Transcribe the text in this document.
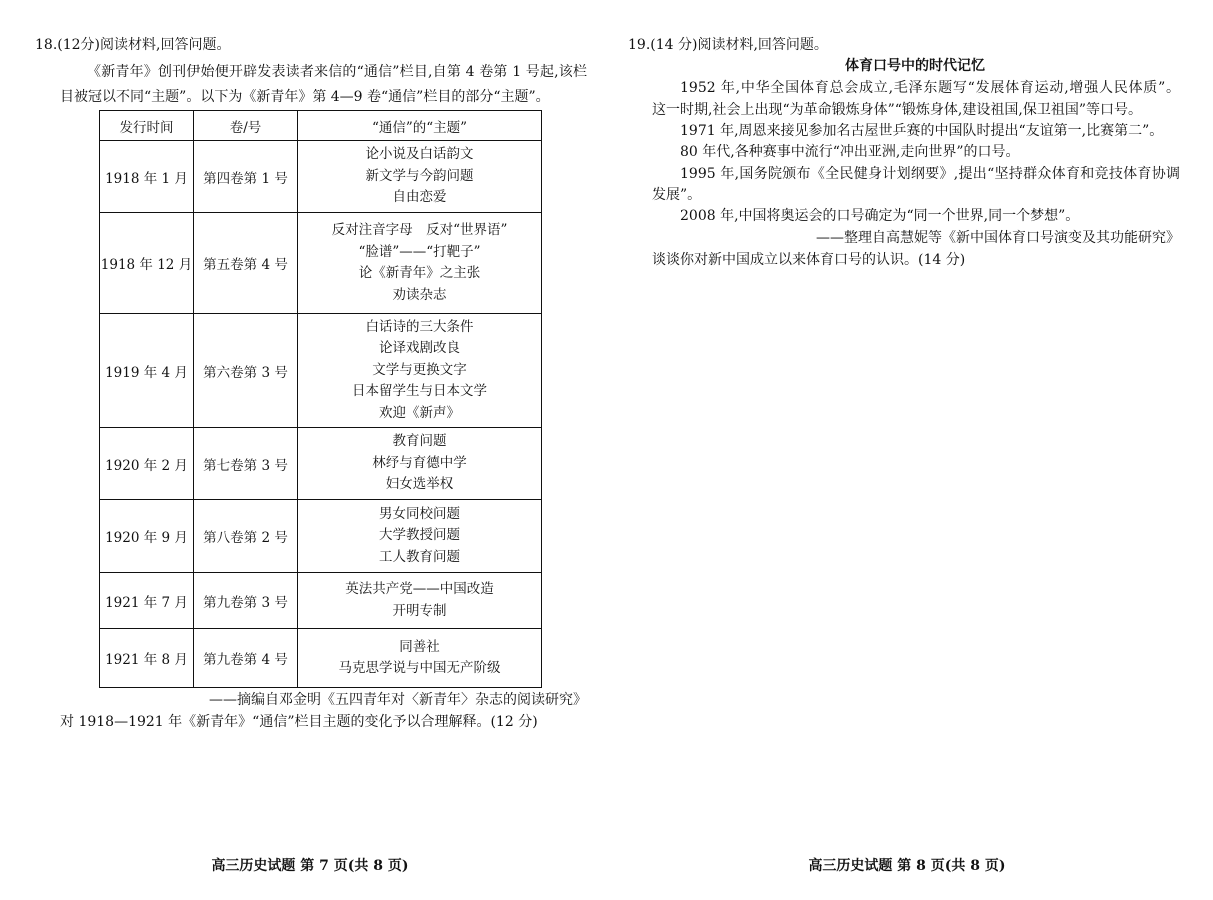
18.(12分)阅读材料,回答问题。
《新青年》创刊伊始便开辟发表读者来信的“通信”栏目,自第 4 卷第 1 号起,该栏
目被冠以不同“主题”。以下为《新青年》第 4—9 卷“通信”栏目的部分“主题”。
发行时间	卷/号	“通信”的“主题”
1918 年 1 月	第四卷第 1 号	论小说及白话韵文
新文学与今韵问题
自由恋爱

1918 年 12 月	第五卷第 4 号	反对注音字母　反对“世界语”
“脸谱”——“打靶子”
论《新青年》之主张
劝读杂志

1919 年 4 月	第六卷第 3 号	白话诗的三大条件
论译戏剧改良
文学与更换文字
日本留学生与日本文学
欢迎《新声》

1920 年 2 月	第七卷第 3 号	教育问题
林纾与育德中学
妇女选举权

1920 年 9 月	第八卷第 2 号	男女同校问题
大学教授问题
工人教育问题

1921 年 7 月	第九卷第 3 号	英法共产党——中国改造
开明专制

1921 年 8 月	第九卷第 4 号	同善社
马克思学说与中国无产阶级
——摘编自邓金明《五四青年对〈新青年〉杂志的阅读研究》
对 1918—1921 年《新青年》“通信”栏目主题的变化予以合理解释。(12 分)
高三历史试题 第 7 页(共 8 页)
19.(14 分)阅读材料,回答问题。
体育口号中的时代记忆
1952 年,中华全国体育总会成立,毛泽东题写“发展体育运动,增强人民体质”。
这一时期,社会上出现“为革命锻炼身体”“锻炼身体,建设祖国,保卫祖国”等口号。
1971 年,周恩来接见参加名古屋世乒赛的中国队时提出“友谊第一,比赛第二”。
80 年代,各种赛事中流行“冲出亚洲,走向世界”的口号。
1995 年,国务院颁布《全民健身计划纲要》,提出“坚持群众体育和竞技体育协调
发展”。
2008 年,中国将奥运会的口号确定为“同一个世界,同一个梦想”。
——整理自高慧妮等《新中国体育口号演变及其功能研究》
谈谈你对新中国成立以来体育口号的认识。(14 分)
高三历史试题 第 8 页(共 8 页)
